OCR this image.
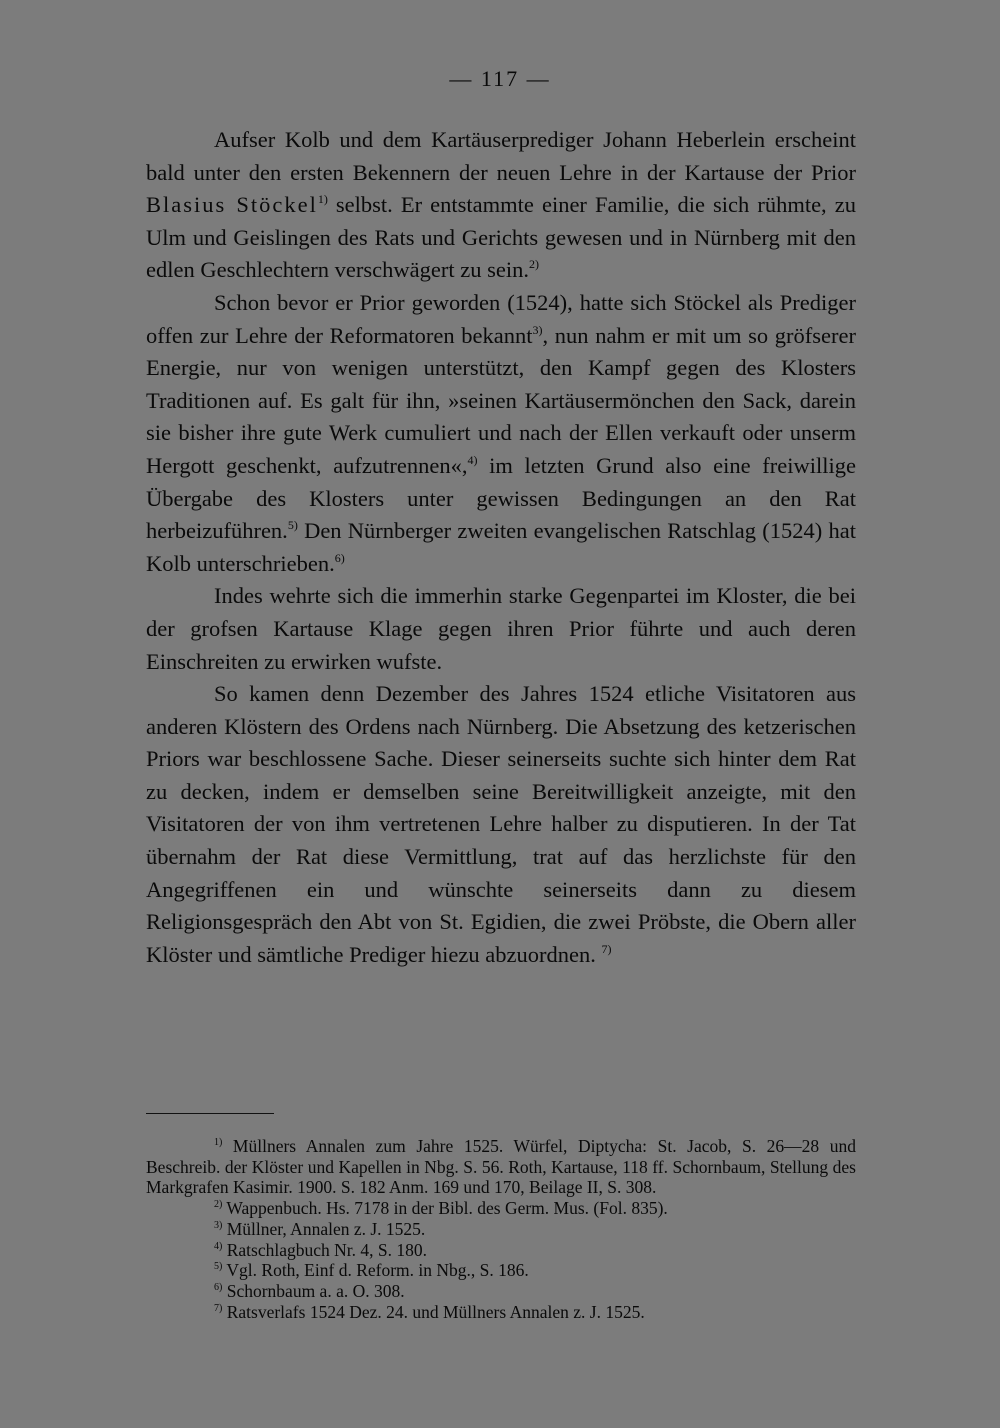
— 117 —

Aufser Kolb und dem Kartäuserprediger Johann Heberlein erscheint bald unter den ersten Bekennern der neuen Lehre in der Kartause der Prior Blasius Stöckel$^{1)}$ selbst. Er entstammte einer Familie, die sich rühmte, zu Ulm und Geislingen des Rats und Gerichts gewesen und in Nürnberg mit den edlen Geschlechtern verschwägert zu sein.$^{2)}$

Schon bevor er Prior geworden (1524), hatte sich Stöckel als Prediger offen zur Lehre der Reformatoren bekannt$^{3)}$, nun nahm er mit um so gröfserer Energie, nur von wenigen unterstützt, den Kampf gegen des Klosters Traditionen auf. Es galt für ihn, »seinen Kartäusermönchen den Sack, darein sie bisher ihre gute Werk cumuliert und nach der Ellen verkauft oder unserm Hergott geschenkt, aufzutrennen«,$^{4)}$ im letzten Grund also eine freiwillige Übergabe des Klosters unter gewissen Bedingungen an den Rat herbeizuführen.$^{5)}$ Den Nürnberger zweiten evangelischen Ratschlag (1524) hat Kolb unterschrieben.$^{6)}$

Indes wehrte sich die immerhin starke Gegenpartei im Kloster, die bei der grofsen Kartause Klage gegen ihren Prior führte und auch deren Einschreiten zu erwirken wufste.

So kamen denn Dezember des Jahres 1524 etliche Visitatoren aus anderen Klöstern des Ordens nach Nürnberg. Die Absetzung des ketzerischen Priors war beschlossene Sache. Dieser seinerseits suchte sich hinter dem Rat zu decken, indem er demselben seine Bereitwilligkeit anzeigte, mit den Visitatoren der von ihm vertretenen Lehre halber zu disputieren. In der Tat übernahm der Rat diese Vermittlung, trat auf das herzlichste für den Angegriffenen ein und wünschte seinerseits dann zu diesem Religionsgespräch den Abt von St. Egidien, die zwei Pröbste, die Obern aller Klöster und sämtliche Prediger hiezu abzuordnen. $^{7)}$

$^{1)}$ Müllners Annalen zum Jahre 1525. Würfel, Diptycha: St. Jacob, S. 26—28 und Beschreib. der Klöster und Kapellen in Nbg. S. 56. Roth, Kartause, 118 ff. Schornbaum, Stellung des Markgrafen Kasimir. 1900. S. 182 Anm. 169 und 170, Beilage II, S. 308.

$^{2)}$ Wappenbuch. Hs. 7178 in der Bibl. des Germ. Mus. (Fol. 835).

$^{3)}$ Müllner, Annalen z. J. 1525.

$^{4)}$ Ratschlagbuch Nr. 4, S. 180.

$^{5)}$ Vgl. Roth, Einf d. Reform. in Nbg., S. 186.

$^{6)}$ Schornbaum a. a. O. 308.

$^{7)}$ Ratsverlafs 1524 Dez. 24. und Müllners Annalen z. J. 1525.
